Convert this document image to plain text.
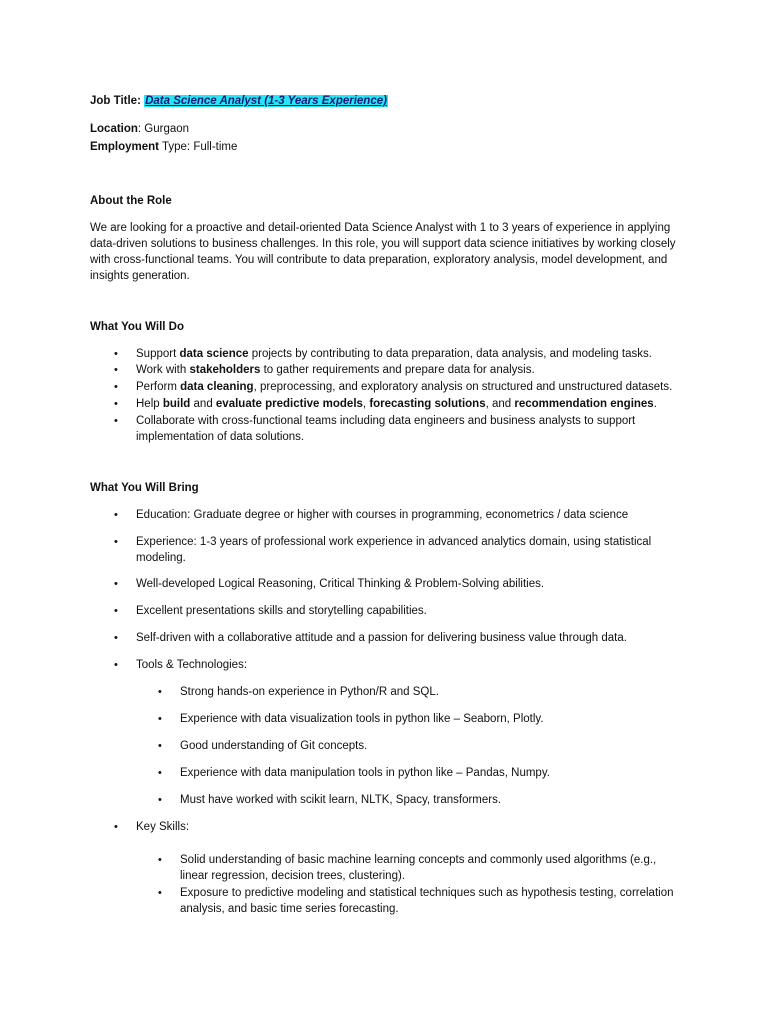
Job Title: Data Science Analyst (1-3 Years Experience)
Location: Gurgaon
Employment Type: Full-time
About the Role
We are looking for a proactive and detail-oriented Data Science Analyst with 1 to 3 years of experience in applying data-driven solutions to business challenges. In this role, you will support data science initiatives by working closely with cross-functional teams. You will contribute to data preparation, exploratory analysis, model development, and insights generation.
What You Will Do
• Support data science projects by contributing to data preparation, data analysis, and modeling tasks.
• Work with stakeholders to gather requirements and prepare data for analysis.
• Perform data cleaning, preprocessing, and exploratory analysis on structured and unstructured datasets.
• Help build and evaluate predictive models, forecasting solutions, and recommendation engines.
• Collaborate with cross-functional teams including data engineers and business analysts to support implementation of data solutions.
What You Will Bring
• Education: Graduate degree or higher with courses in programming, econometrics / data science
• Experience: 1-3 years of professional work experience in advanced analytics domain, using statistical modeling.
• Well-developed Logical Reasoning, Critical Thinking & Problem-Solving abilities.
• Excellent presentations skills and storytelling capabilities.
• Self-driven with a collaborative attitude and a passion for delivering business value through data.
• Tools & Technologies:
• Strong hands-on experience in Python/R and SQL.
• Experience with data visualization tools in python like – Seaborn, Plotly.
• Good understanding of Git concepts.
• Experience with data manipulation tools in python like – Pandas, Numpy.
• Must have worked with scikit learn, NLTK, Spacy, transformers.
• Key Skills:
• Solid understanding of basic machine learning concepts and commonly used algorithms (e.g., linear regression, decision trees, clustering).
• Exposure to predictive modeling and statistical techniques such as hypothesis testing, correlation analysis, and basic time series forecasting.
